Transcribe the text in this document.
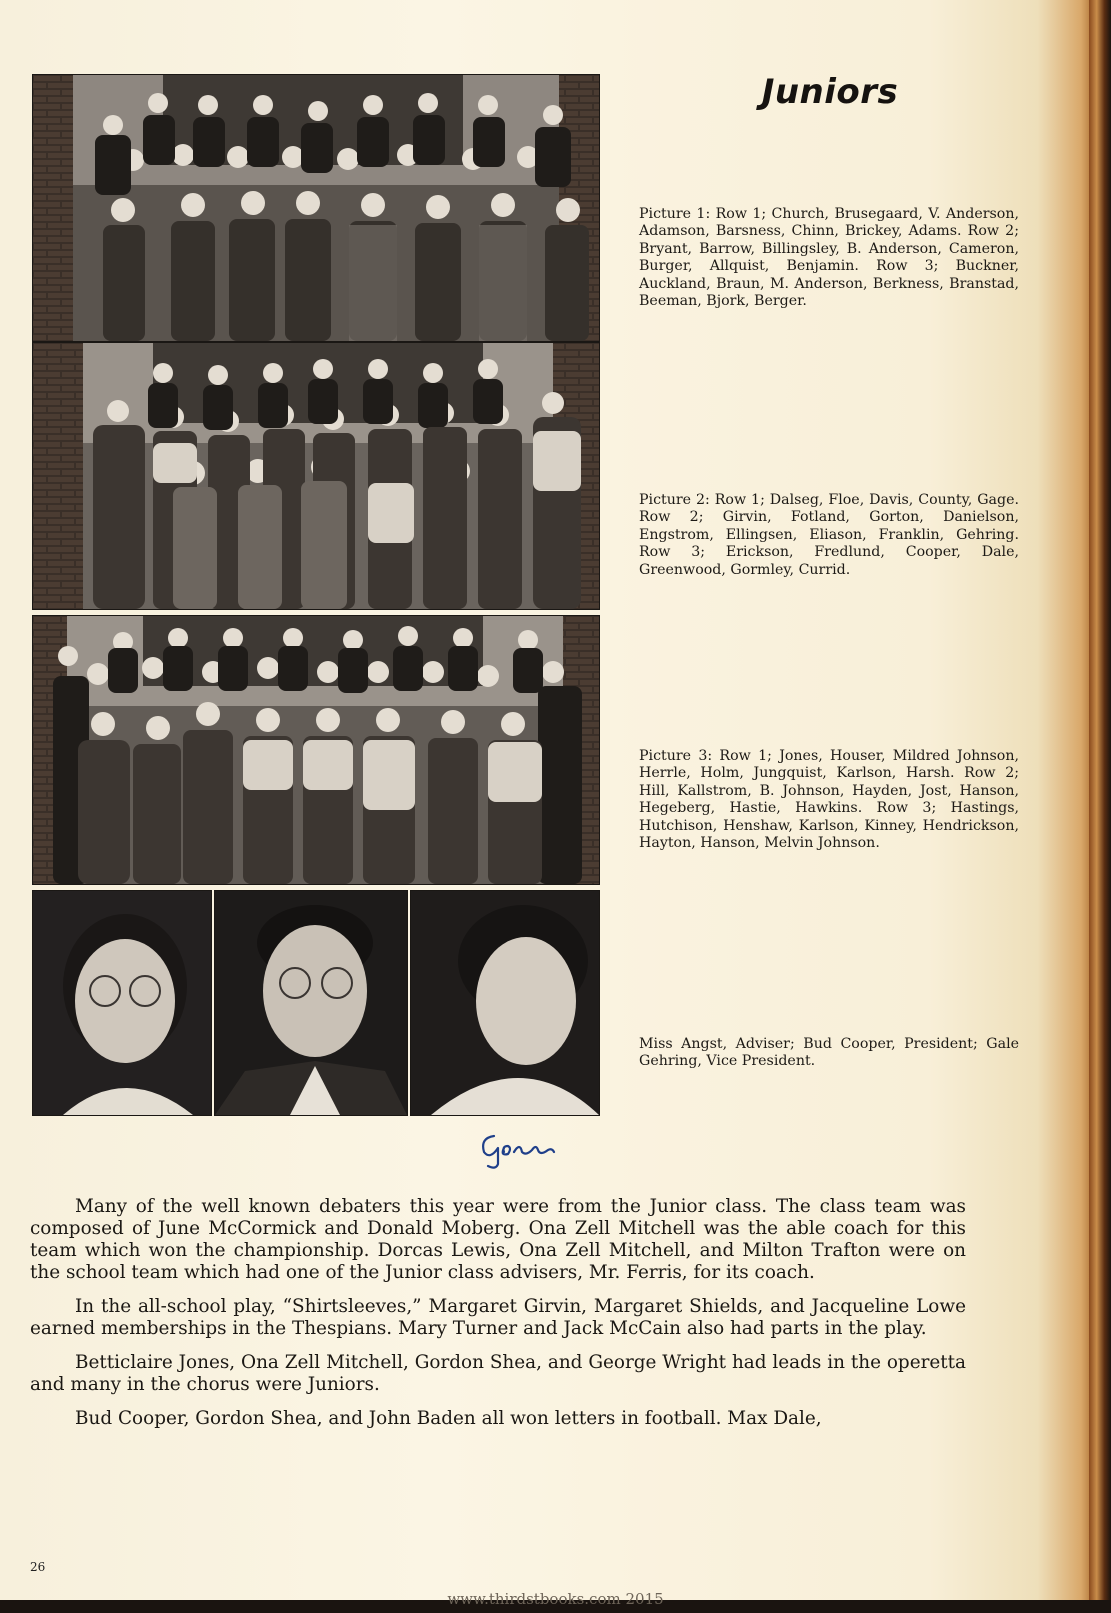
Juniors
Picture 1: Row 1; Church, Brusegaard, V. Anderson, Adamson, Barsness, Chinn, Brickey, Adams. Row 2; Bryant, Barrow, Billingsley, B. Anderson, Cameron, Burger, Allquist, Benjamin. Row 3; Buckner, Auckland, Braun, M. Anderson, Berkness, Branstad, Beeman, Bjork, Berger.
Picture 2: Row 1; Dalseg, Floe, Davis, County, Gage. Row 2; Girvin, Fotland, Gorton, Danielson, Engstrom, Ellingsen, Eliason, Franklin, Gehring. Row 3; Erickson, Fredlund, Cooper, Dale, Greenwood, Gormley, Currid.
Picture 3: Row 1; Jones, Houser, Mildred Johnson, Herrle, Holm, Jungquist, Karlson, Harsh. Row 2; Hill, Kallstrom, B. Johnson, Hayden, Jost, Hanson, Hegeberg, Hastie, Hawkins. Row 3; Hastings, Hutchison, Henshaw, Karlson, Kinney, Hendrickson, Hayton, Hanson, Melvin Johnson.
Miss Angst, Adviser; Bud Cooper, President; Gale Gehring, Vice President.

Many of the well known debaters this year were from the Junior class. The class team was composed of June McCormick and Donald Moberg. Ona Zell Mitchell was the able coach for this team which won the championship. Dorcas Lewis, Ona Zell Mitchell, and Milton Trafton were on the school team which had one of the Junior class advisers, Mr. Ferris, for its coach.

In the all-school play, “Shirtsleeves,” Margaret Girvin, Margaret Shields, and Jacqueline Lowe earned memberships in the Thespians. Mary Turner and Jack McCain also had parts in the play.

Betticlaire Jones, Ona Zell Mitchell, Gordon Shea, and George Wright had leads in the operetta and many in the chorus were Juniors.

Bud Cooper, Gordon Shea, and John Baden all won letters in football. Max Dale,

26
www.thirdstbooks.com 2015
